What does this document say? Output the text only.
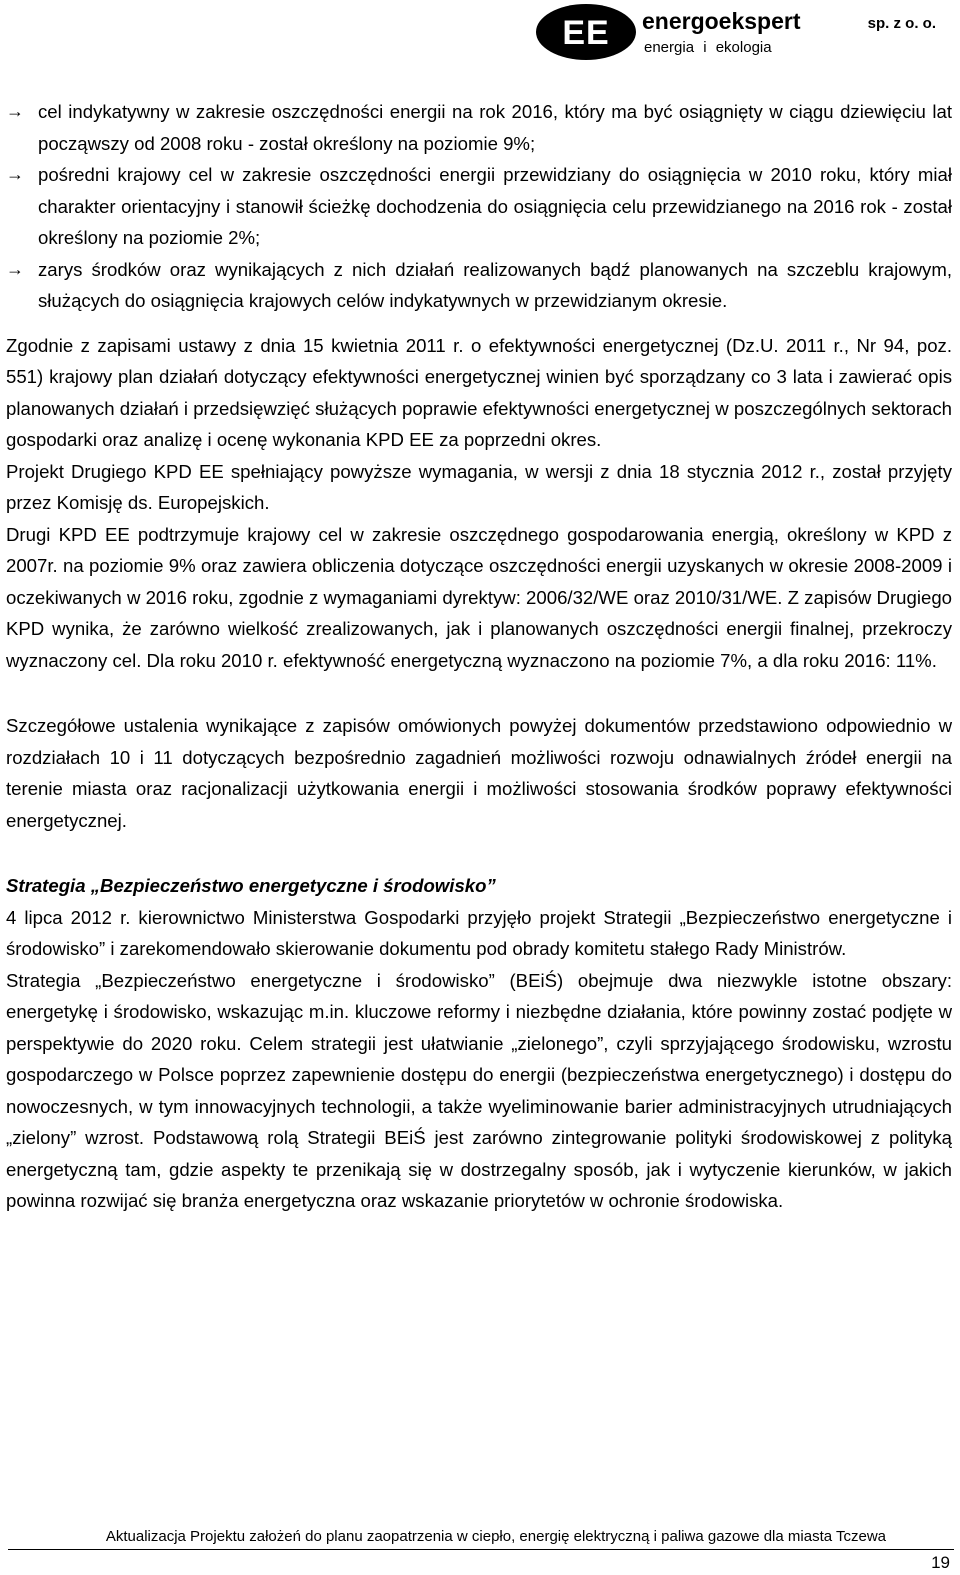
EE	energoekspert	sp. z o. o.
energia i ekologia
→ cel indykatywny w zakresie oszczędności energii na rok 2016, który ma być osiągnięty w ciągu dziewięciu lat począwszy od 2008 roku - został określony na poziomie 9%;
→ pośredni krajowy cel w zakresie oszczędności energii przewidziany do osiągnięcia w 2010 roku, który miał charakter orientacyjny i stanowił ścieżkę dochodzenia do osiągnięcia celu przewidzianego na 2016 rok - został określony na poziomie 2%;
→ zarys środków oraz wynikających z nich działań realizowanych bądź planowanych na szczeblu krajowym, służących do osiągnięcia krajowych celów indykatywnych w przewidzianym okresie.

Zgodnie z zapisami ustawy z dnia 15 kwietnia 2011 r. o efektywności energetycznej (Dz.U. 2011 r., Nr 94, poz. 551) krajowy plan działań dotyczący efektywności energetycznej winien być sporządzany co 3 lata i zawierać opis planowanych działań i przedsięwzięć służących poprawie efektywności energetycznej w poszczególnych sektorach gospodarki oraz analizę i ocenę wykonania KPD EE za poprzedni okres.

Projekt Drugiego KPD EE spełniający powyższe wymagania, w wersji z dnia 18 stycznia 2012 r., został przyjęty przez Komisję ds. Europejskich.

Drugi KPD EE podtrzymuje krajowy cel w zakresie oszczędnego gospodarowania energią, określony w KPD z 2007r. na poziomie 9% oraz zawiera obliczenia dotyczące oszczędności energii uzyskanych w okresie 2008-2009 i oczekiwanych w 2016 roku, zgodnie z wymaganiami dyrektyw: 2006/32/WE oraz 2010/31/WE. Z zapisów Drugiego KPD wynika, że zarówno wielkość zrealizowanych, jak i planowanych oszczędności energii finalnej, przekroczy wyznaczony cel. Dla roku 2010 r. efektywność energetyczną wyznaczono na poziomie 7%, a dla roku 2016: 11%.

Szczegółowe ustalenia wynikające z zapisów omówionych powyżej dokumentów przedstawiono odpowiednio w rozdziałach 10 i 11 dotyczących bezpośrednio zagadnień możliwości rozwoju odnawialnych źródeł energii na terenie miasta oraz racjonalizacji użytkowania energii i możliwości stosowania środków poprawy efektywności energetycznej.

Strategia „Bezpieczeństwo energetyczne i środowisko”

4 lipca 2012 r. kierownictwo Ministerstwa Gospodarki przyjęło projekt Strategii „Bezpieczeństwo energetyczne i środowisko” i zarekomendowało skierowanie dokumentu pod obrady komitetu stałego Rady Ministrów.

Strategia „Bezpieczeństwo energetyczne i środowisko” (BEiŚ) obejmuje dwa niezwykle istotne obszary: energetykę i środowisko, wskazując m.in. kluczowe reformy i niezbędne działania, które powinny zostać podjęte w perspektywie do 2020 roku. Celem strategii jest ułatwianie „zielonego”, czyli sprzyjającego środowisku, wzrostu gospodarczego w Polsce poprzez zapewnienie dostępu do energii (bezpieczeństwa energetycznego) i dostępu do nowoczesnych, w tym innowacyjnych technologii, a także wyeliminowanie barier administracyjnych utrudniających „zielony” wzrost. Podstawową rolą Strategii BEiŚ jest zarówno zintegrowanie polityki środowiskowej z polityką energetyczną tam, gdzie aspekty te przenikają się w dostrzegalny sposób, jak i wytyczenie kierunków, w jakich powinna rozwijać się branża energetyczna oraz wskazanie priorytetów w ochronie środowiska.

Aktualizacja Projektu założeń do planu zaopatrzenia w ciepło, energię elektryczną i paliwa gazowe dla miasta Tczewa
19
